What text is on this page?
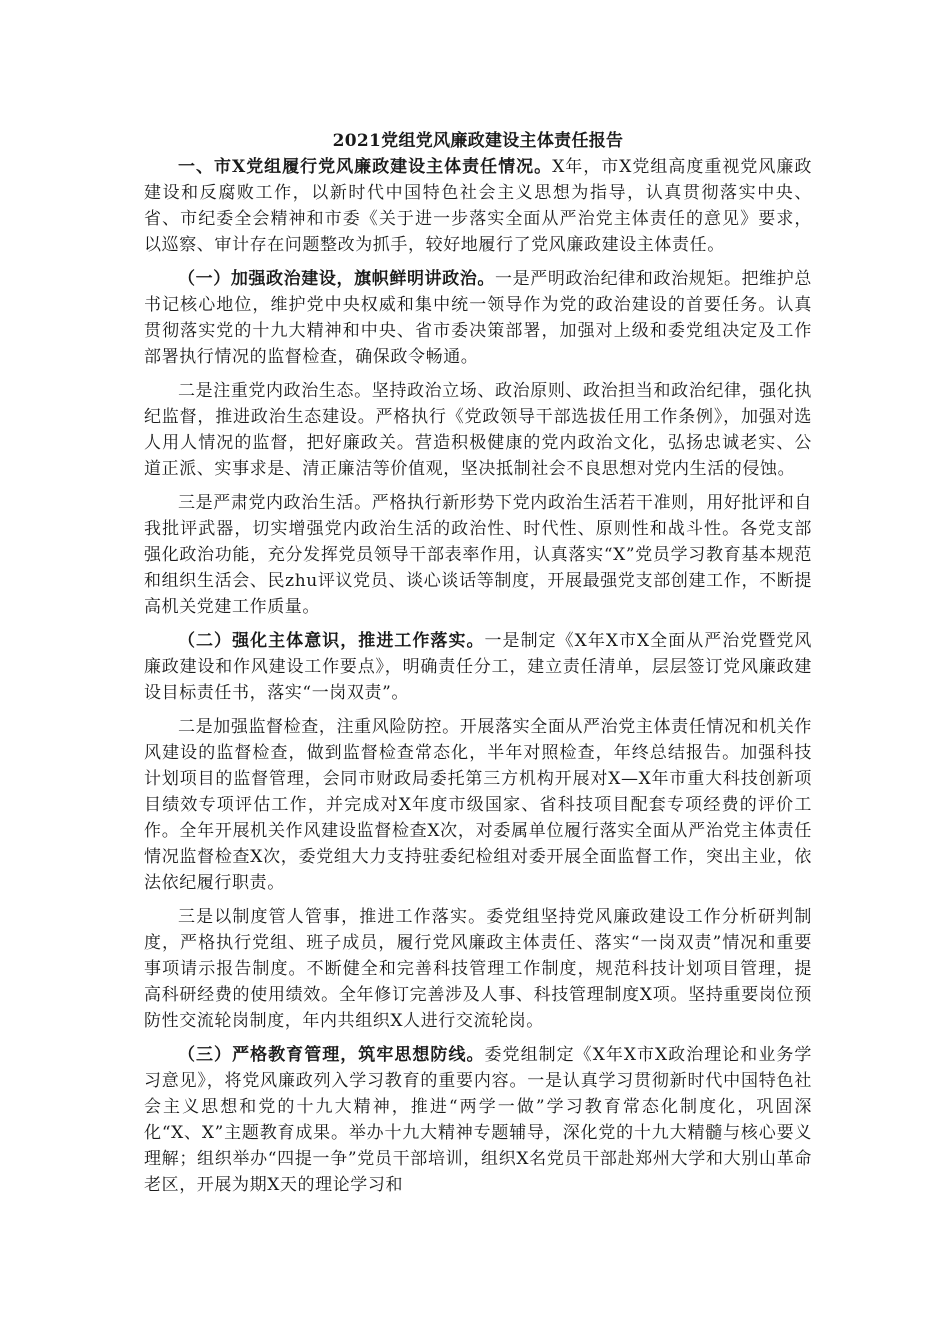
2021党组党风廉政建设主体责任报告

一、市X党组履行党风廉政建设主体责任情况。X年，市X党组高度重视党风廉政建设和反腐败工作，以新时代中国特色社会主义思想为指导，认真贯彻落实中央、省、市纪委全会精神和市委《关于进一步落实全面从严治党主体责任的意见》要求，以巡察、审计存在问题整改为抓手，较好地履行了党风廉政建设主体责任。

（一）加强政治建设，旗帜鲜明讲政治。一是严明政治纪律和政治规矩。把维护总书记核心地位，维护党中央权威和集中统一领导作为党的政治建设的首要任务。认真贯彻落实党的十九大精神和中央、省市委决策部署，加强对上级和委党组决定及工作部署执行情况的监督检查，确保政令畅通。

二是注重党内政治生态。坚持政治立场、政治原则、政治担当和政治纪律，强化执纪监督，推进政治生态建设。严格执行《党政领导干部选拔任用工作条例》，加强对选人用人情况的监督，把好廉政关。营造积极健康的党内政治文化，弘扬忠诚老实、公道正派、实事求是、清正廉洁等价值观，坚决抵制社会不良思想对党内生活的侵蚀。

三是严肃党内政治生活。严格执行新形势下党内政治生活若干准则，用好批评和自我批评武器，切实增强党内政治生活的政治性、时代性、原则性和战斗性。各党支部强化政治功能，充分发挥党员领导干部表率作用，认真落实“X”党员学习教育基本规范和组织生活会、民zhu评议党员、谈心谈话等制度，开展最强党支部创建工作，不断提高机关党建工作质量。

（二）强化主体意识，推进工作落实。一是制定《X年X市X全面从严治党暨党风廉政建设和作风建设工作要点》，明确责任分工，建立责任清单，层层签订党风廉政建设目标责任书，落实“一岗双责”。

二是加强监督检查，注重风险防控。开展落实全面从严治党主体责任情况和机关作风建设的监督检查，做到监督检查常态化，半年对照检查，年终总结报告。加强科技计划项目的监督管理，会同市财政局委托第三方机构开展对X—X年市重大科技创新项目绩效专项评估工作，并完成对X年度市级国家、省科技项目配套专项经费的评价工作。全年开展机关作风建设监督检查X次，对委属单位履行落实全面从严治党主体责任情况监督检查X次，委党组大力支持驻委纪检组对委开展全面监督工作，突出主业，依法依纪履行职责。

三是以制度管人管事，推进工作落实。委党组坚持党风廉政建设工作分析研判制度，严格执行党组、班子成员，履行党风廉政主体责任、落实“一岗双责”情况和重要事项请示报告制度。不断健全和完善科技管理工作制度，规范科技计划项目管理，提高科研经费的使用绩效。全年修订完善涉及人事、科技管理制度X项。坚持重要岗位预防性交流轮岗制度，年内共组织X人进行交流轮岗。

（三）严格教育管理，筑牢思想防线。委党组制定《X年X市X政治理论和业务学习意见》，将党风廉政列入学习教育的重要内容。一是认真学习贯彻新时代中国特色社会主义思想和党的十九大精神，推进“两学一做”学习教育常态化制度化，巩固深化“X、X”主题教育成果。举办十九大精神专题辅导，深化党的十九大精髓与核心要义理解；组织举办“四提一争”党员干部培训，组织X名党员干部赴郑州大学和大别山革命老区，开展为期X天的理论学习和
